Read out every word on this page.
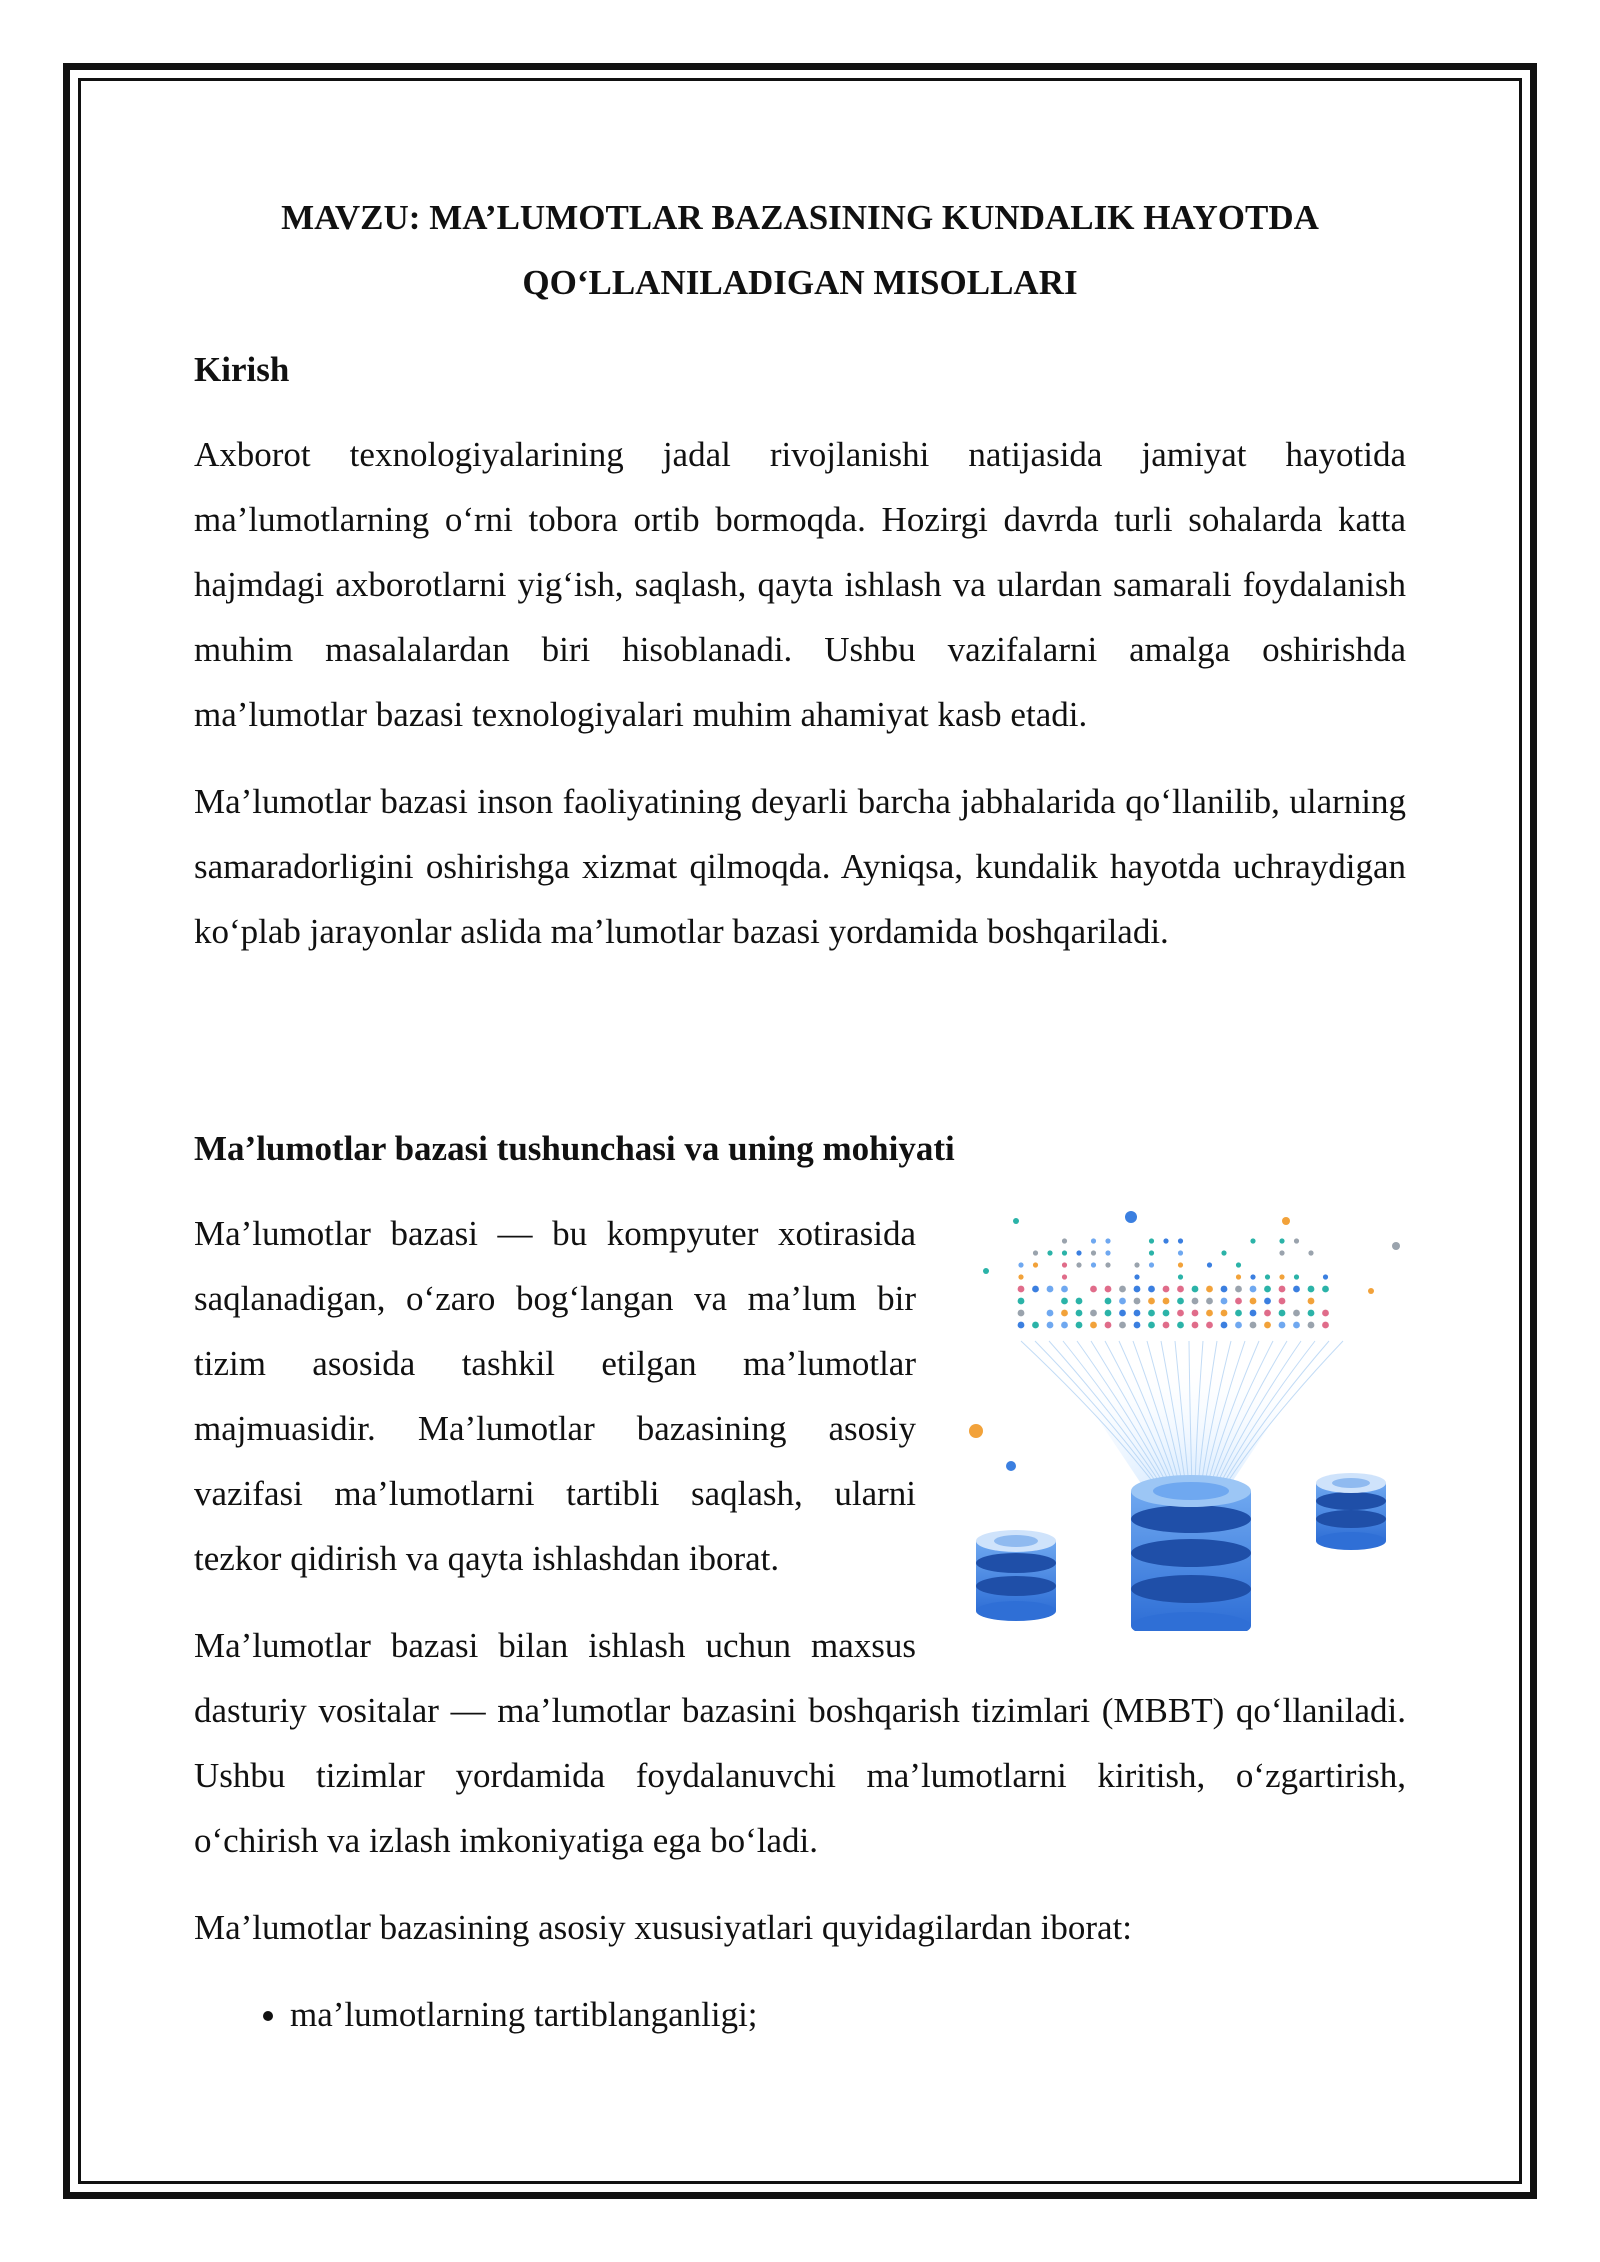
MAVZU: MA’LUMOTLAR BAZASINING KUNDALIK HAYOTDA
QO‘LLANILADIGAN MISOLLARI
Kirish

Axborot texnologiyalarining jadal rivojlanishi natijasida jamiyat hayotida ma’lumotlarning o‘rni tobora ortib bormoqda. Hozirgi davrda turli sohalarda katta hajmdagi axborotlarni yig‘ish, saqlash, qayta ishlash va ulardan samarali foydalanish muhim masalalardan biri hisoblanadi. Ushbu vazifalarni amalga oshirishda ma’lumotlar bazasi texnologiyalari muhim ahamiyat kasb etadi.

Ma’lumotlar bazasi inson faoliyatining deyarli barcha jabhalarida qo‘llanilib, ularning samaradorligini oshirishga xizmat qilmoqda. Ayniqsa, kundalik hayotda uchraydigan ko‘plab jarayonlar aslida ma’lumotlar bazasi yordamida boshqariladi.

Ma’lumotlar bazasi tushunchasi va uning mohiyati

Ma’lumotlar bazasi — bu kompyuter xotirasida saqlanadigan, o‘zaro bog‘langan va ma’lum bir tizim asosida tashkil etilgan ma’lumotlar majmuasidir. Ma’lumotlar bazasining asosiy vazifasi ma’lumotlarni tartibli saqlash, ularni tezkor qidirish va qayta ishlashdan iborat.

Ma’lumotlar bazasi bilan ishlash uchun maxsus dasturiy vositalar — ma’lumotlar bazasini boshqarish tizimlari (MBBT) qo‘llaniladi. Ushbu tizimlar yordamida foydalanuvchi ma’lumotlarni kiritish, o‘zgartirish, o‘chirish va izlash imkoniyatiga ega bo‘ladi.

Ma’lumotlar bazasining asosiy xususiyatlari quyidagilardan iborat:

• ma’lumotlarning tartiblanganligi;
